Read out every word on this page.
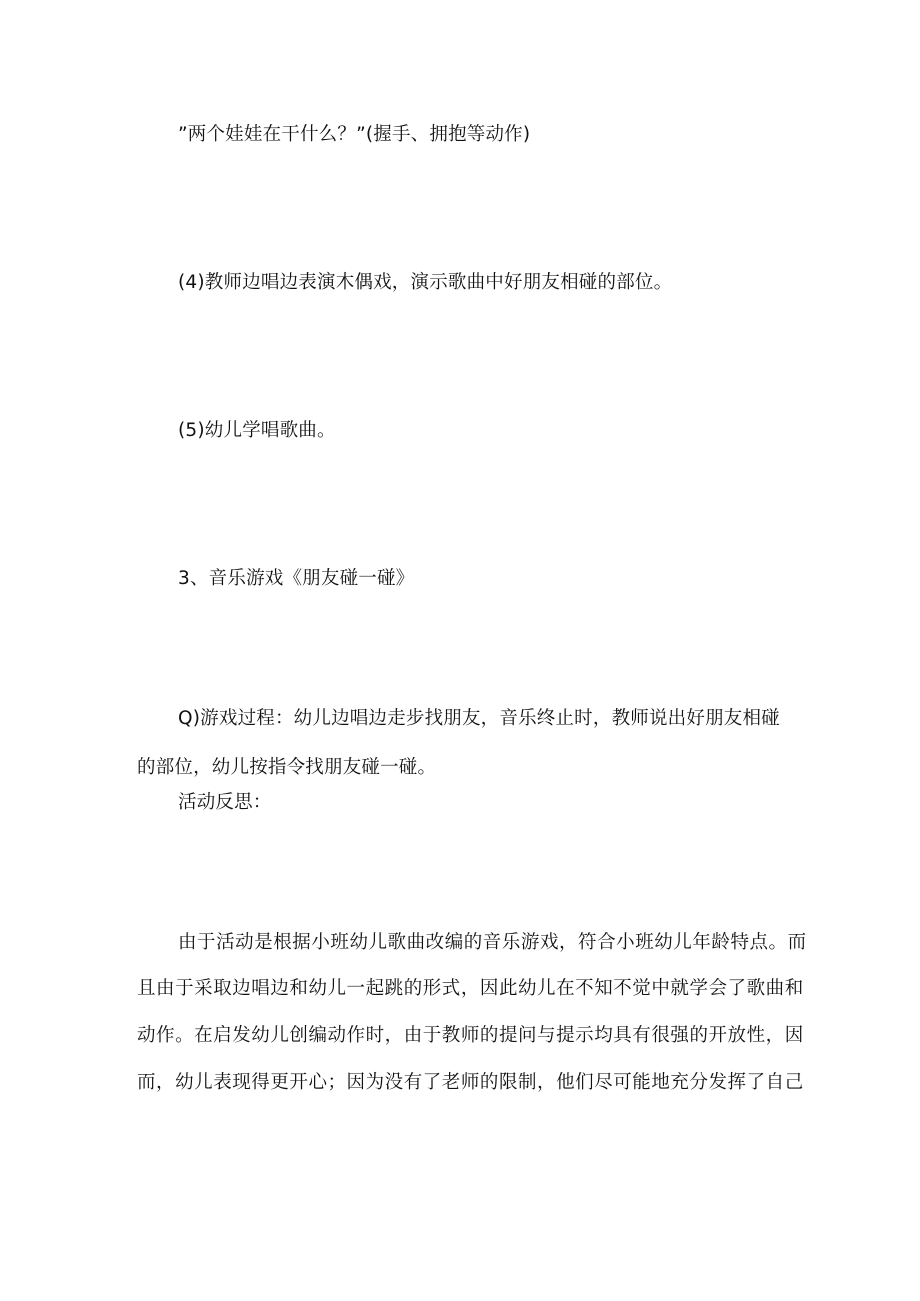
”两个娃娃在干什么？”(握手、拥抱等动作)
(4)教师边唱边表演木偶戏，演示歌曲中好朋友相碰的部位。
(5)幼儿学唱歌曲。
3、音乐游戏《朋友碰一碰》
Q)游戏过程：幼儿边唱边走步找朋友，音乐终止时，教师说出好朋友相碰
的部位，幼儿按指令找朋友碰一碰。
活动反思：
由于活动是根据小班幼儿歌曲改编的音乐游戏，符合小班幼儿年龄特点。而
且由于采取边唱边和幼儿一起跳的形式，因此幼儿在不知不觉中就学会了歌曲和
动作。在启发幼儿创编动作时，由于教师的提问与提示均具有很强的开放性，因
而，幼儿表现得更开心；因为没有了老师的限制，他们尽可能地充分发挥了自己
